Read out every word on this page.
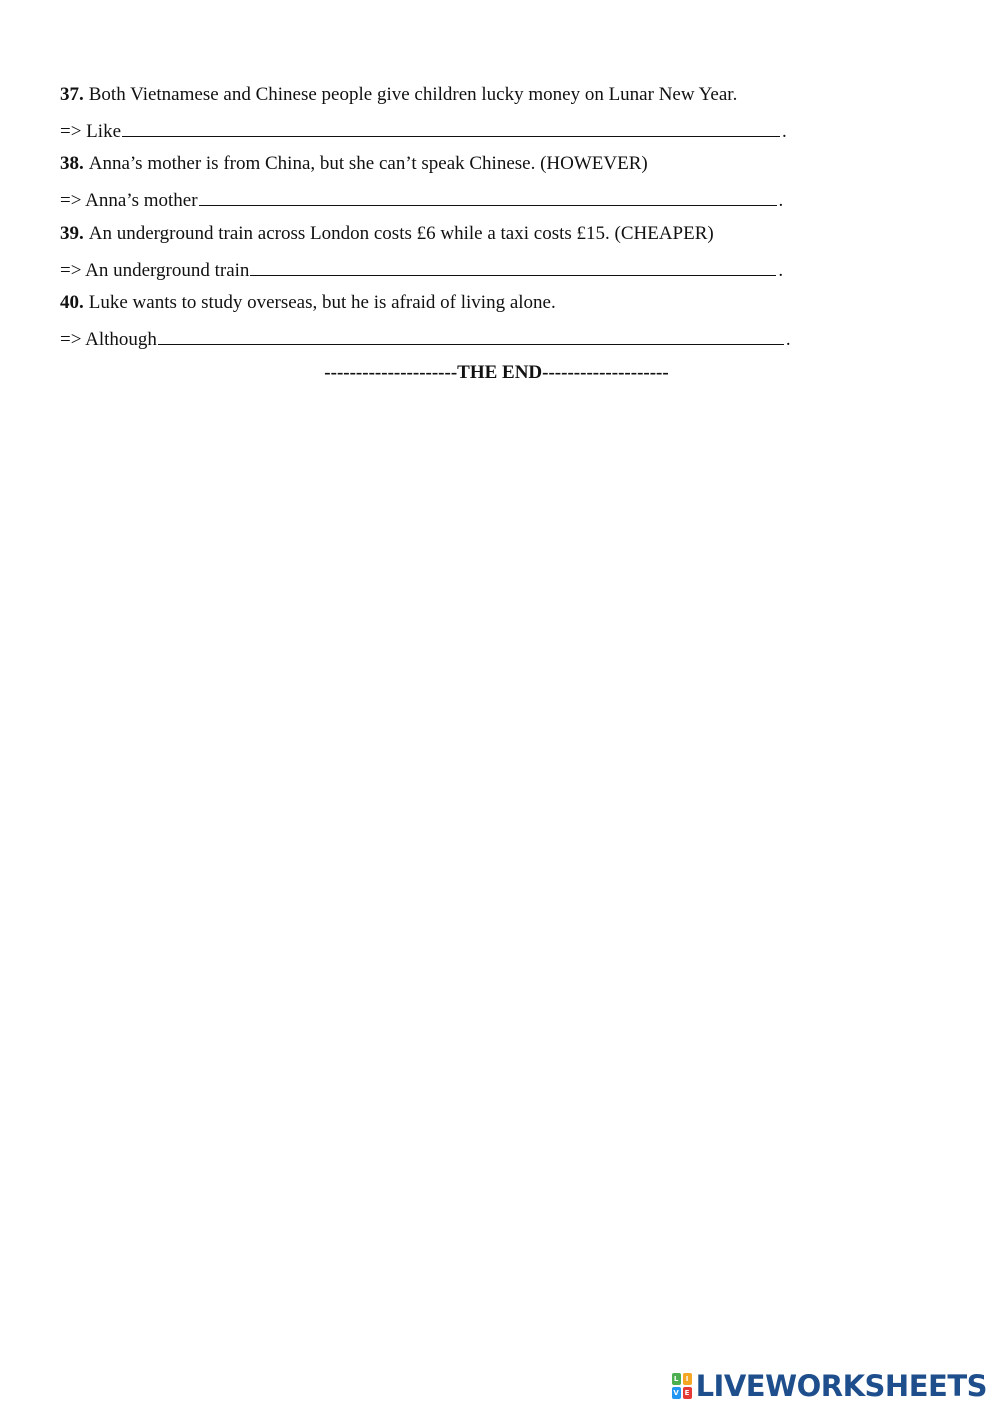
37. Both Vietnamese and Chinese people give children lucky money on Lunar New Year.
=> Like	.
38. Anna’s mother is from China, but she can’t speak Chinese. (HOWEVER)
=> Anna’s mother	.
39. An underground train across London costs £6 while a taxi costs £15. (CHEAPER)
=> An underground train	.
40. Luke wants to study overseas, but he is afraid of living alone.
=> Although	.
---------------------THE END--------------------
L	I
V E LIVEWORKSHEETS
